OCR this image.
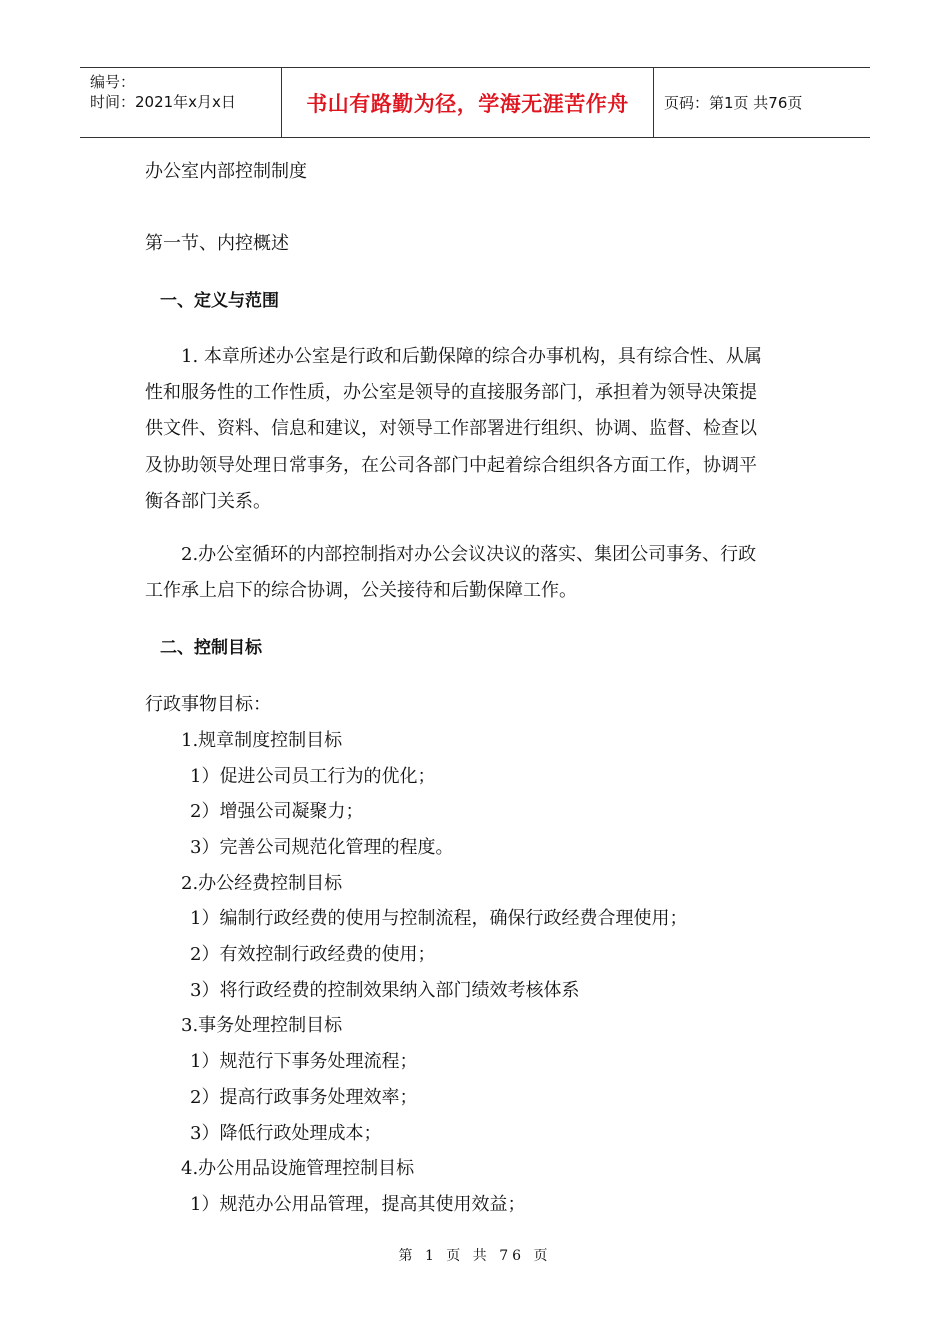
编号：
时间：2021年x月x日	书山有路勤为径，学海无涯苦作舟	页码：第1页 共76页
办公室内部控制制度
第一节、内控概述
一、定义与范围
1. 本章所述办公室是行政和后勤保障的综合办事机构，具有综合性、从属
性和服务性的工作性质，办公室是领导的直接服务部门，承担着为领导决策提
供文件、资料、信息和建议，对领导工作部署进行组织、协调、监督、检查以
及协助领导处理日常事务，在公司各部门中起着综合组织各方面工作，协调平
衡各部门关系。
2.办公室循环的内部控制指对办公会议决议的落实、集团公司事务、行政
工作承上启下的综合协调，公关接待和后勤保障工作。
二、控制目标
行政事物目标：
1.规章制度控制目标
1）促进公司员工行为的优化；
2）增强公司凝聚力；
3）完善公司规范化管理的程度。
2.办公经费控制目标
1）编制行政经费的使用与控制流程，确保行政经费合理使用；
2）有效控制行政经费的使用；
3）将行政经费的控制效果纳入部门绩效考核体系
3.事务处理控制目标
1）规范行下事务处理流程；
2）提高行政事务处理效率；
3）降低行政处理成本；
4.办公用品设施管理控制目标
1）规范办公用品管理，提高其使用效益；
第 1 页 共 76 页
